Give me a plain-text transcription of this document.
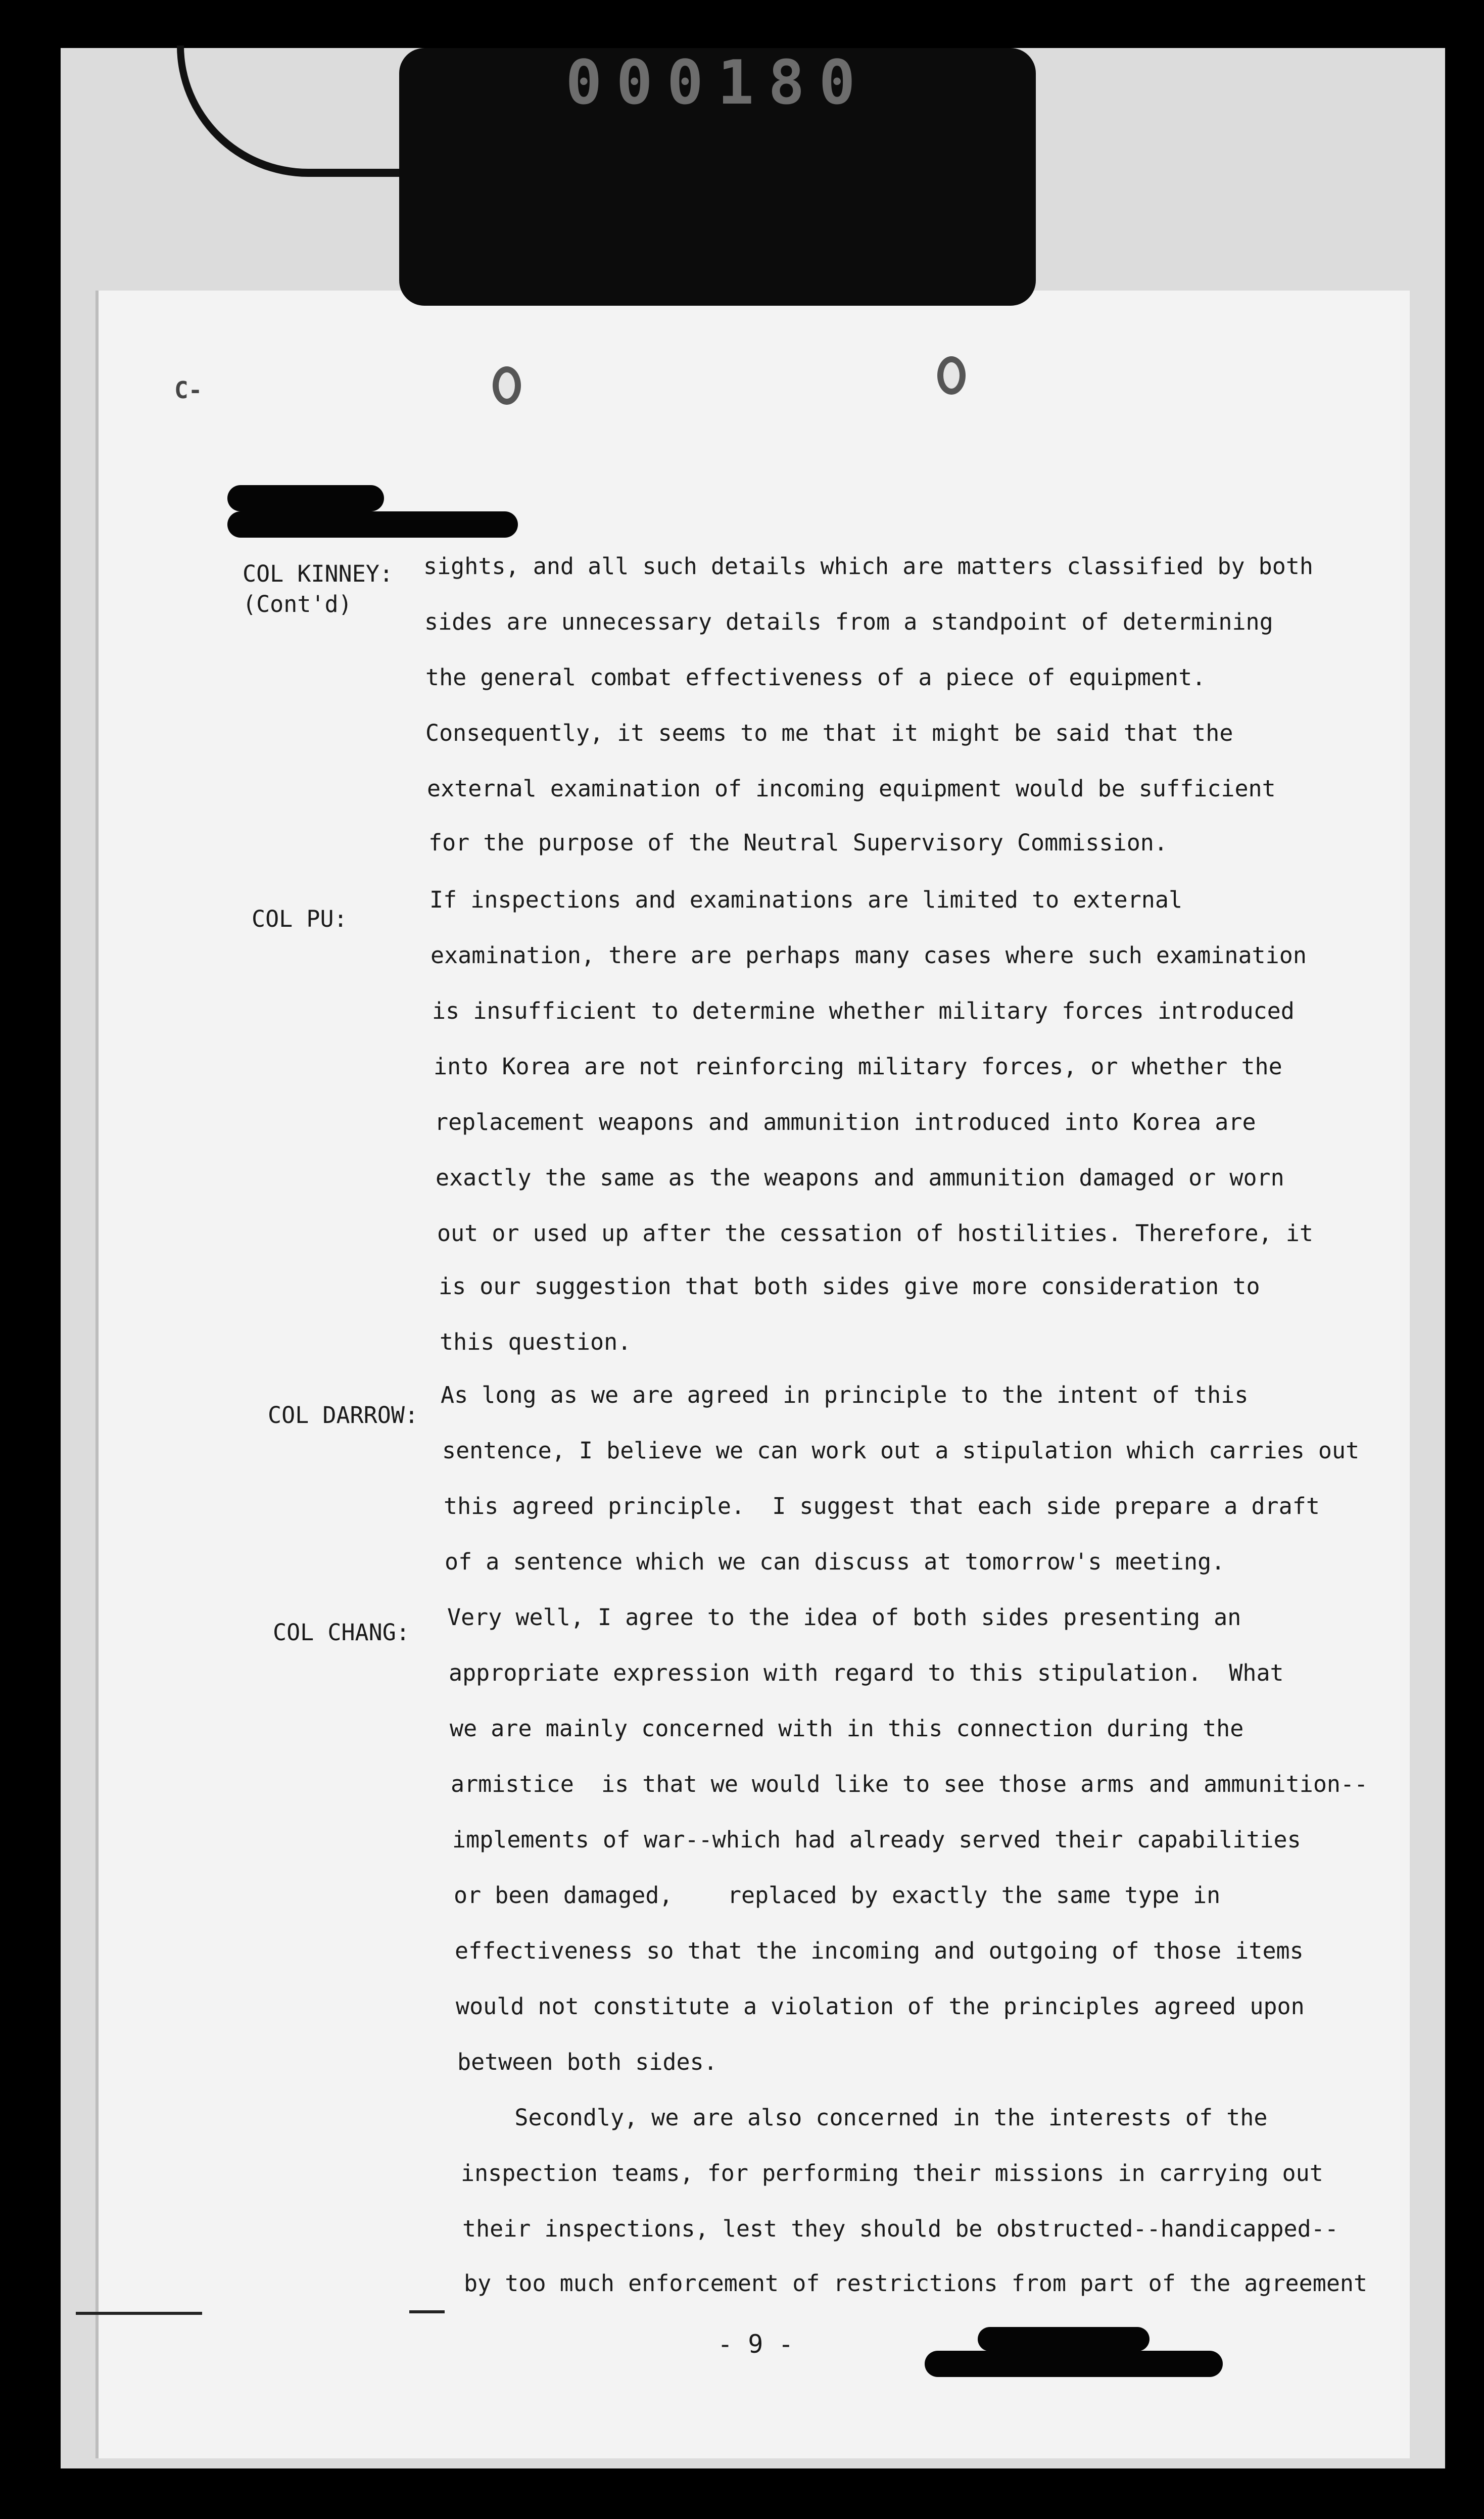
000180
C-
COL KINNEY:
(Cont'd)
sights, and all such details which are matters classified by both
sides are unnecessary details from a standpoint of determining
the general combat effectiveness of a piece of equipment.
Consequently, it seems to me that it might be said that the
external examination of incoming equipment would be sufficient
for the purpose of the Neutral Supervisory Commission.
COL PU:
If inspections and examinations are limited to external
examination, there are perhaps many cases where such examination
is insufficient to determine whether military forces introduced
into Korea are not reinforcing military forces, or whether the
replacement weapons and ammunition introduced into Korea are
exactly the same as the weapons and ammunition damaged or worn
out or used up after the cessation of hostilities. Therefore, it
is our suggestion that both sides give more consideration to
this question.
COL DARROW:
As long as we are agreed in principle to the intent of this
sentence, I believe we can work out a stipulation which carries out
this agreed principle.  I suggest that each side prepare a draft
of a sentence which we can discuss at tomorrow's meeting.
COL CHANG:
Very well, I agree to the idea of both sides presenting an
appropriate expression with regard to this stipulation.  What
we are mainly concerned with in this connection during the
armistice  is that we would like to see those arms and ammunition--
implements of war--which had already served their capabilities
or been damaged,    replaced by exactly the same type in
effectiveness so that the incoming and outgoing of those items
would not constitute a violation of the principles agreed upon
between both sides.
Secondly, we are also concerned in the interests of the
inspection teams, for performing their missions in carrying out
their inspections, lest they should be obstructed--handicapped--
by too much enforcement of restrictions from part of the agreement
- 9 -
